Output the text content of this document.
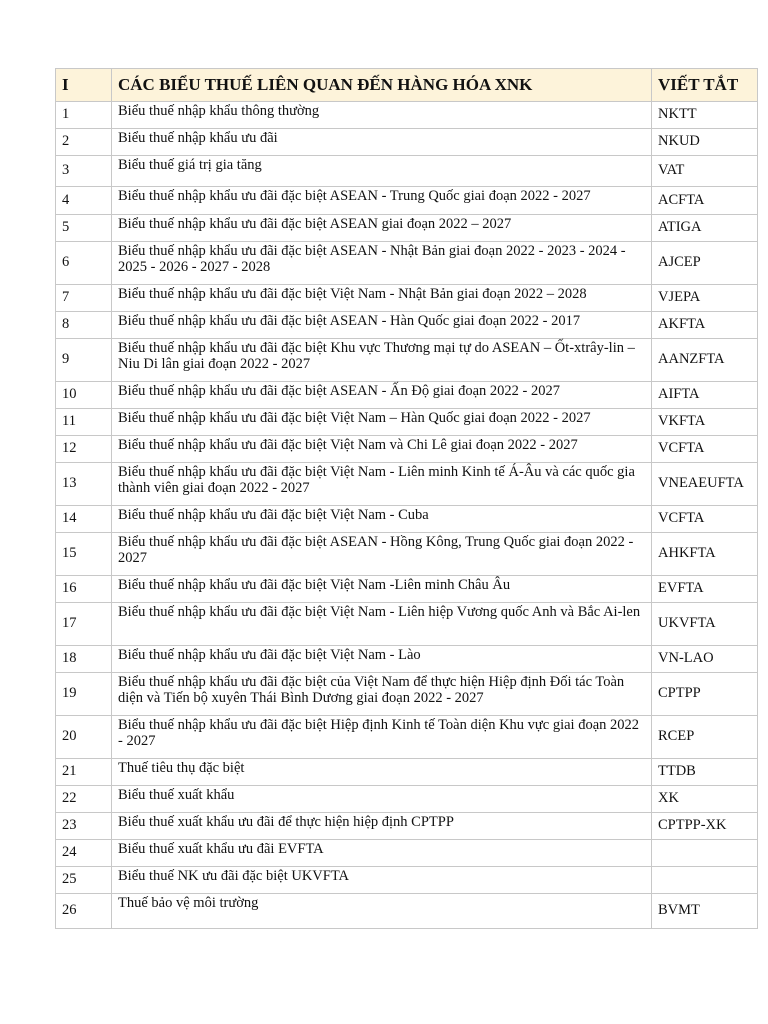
I	CÁC BIỂU THUẾ LIÊN QUAN ĐẾN HÀNG HÓA XNK	VIẾT TẮT
1	Biểu thuế nhập khẩu thông thường	NKTT
2	Biểu thuế nhập khẩu ưu đãi	NKUD
3	Biểu thuế giá trị gia tăng	VAT
4	Biểu thuế nhập khẩu ưu đãi đặc biệt ASEAN - Trung Quốc giai đoạn 2022 - 2027	ACFTA
5	Biểu thuế nhập khẩu ưu đãi đặc biệt ASEAN giai đoạn 2022 – 2027	ATIGA
6	Biểu thuế nhập khẩu ưu đãi đặc biệt ASEAN - Nhật Bản giai đoạn 2022 - 2023 - 2024 - 2025 - 2026 - 2027 - 2028	AJCEP
7	Biểu thuế nhập khẩu ưu đãi đặc biệt Việt Nam - Nhật Bản giai đoạn 2022 – 2028	VJEPA
8	Biểu thuế nhập khẩu ưu đãi đặc biệt ASEAN - Hàn Quốc giai đoạn 2022 - 2017	AKFTA
9	Biểu thuế nhập khẩu ưu đãi đặc biệt Khu vực Thương mại tự do ASEAN – Ốt-xtrây-lin – Niu Di lân giai đoạn 2022 - 2027	AANZFTA
10	Biểu thuế nhập khẩu ưu đãi đặc biệt ASEAN - Ấn Độ giai đoạn 2022 - 2027	AIFTA
11	Biểu thuế nhập khẩu ưu đãi đặc biệt Việt Nam – Hàn Quốc giai đoạn 2022 - 2027	VKFTA
12	Biểu thuế nhập khẩu ưu đãi đặc biệt Việt Nam và Chi Lê giai đoạn 2022 - 2027	VCFTA
13	Biểu thuế nhập khẩu ưu đãi đặc biệt Việt Nam - Liên minh Kinh tế Á-Âu và các quốc gia thành viên giai đoạn 2022 - 2027	VNEAEUFTA
14	Biểu thuế nhập khẩu ưu đãi đặc biệt Việt Nam - Cuba	VCFTA
15	Biểu thuế nhập khẩu ưu đãi đặc biệt ASEAN - Hồng Kông, Trung Quốc giai đoạn 2022 - 2027	AHKFTA
16	Biểu thuế nhập khẩu ưu đãi đặc biệt Việt Nam -Liên minh Châu Âu	EVFTA
17	Biểu thuế nhập khẩu ưu đãi đặc biệt Việt Nam - Liên hiệp Vương quốc Anh và Bắc Ai-len	UKVFTA
18	Biểu thuế nhập khẩu ưu đãi đặc biệt Việt Nam - Lào	VN-LAO
19	Biểu thuế nhập khẩu ưu đãi đặc biệt của Việt Nam để thực hiện Hiệp định Đối tác Toàn diện và Tiến bộ xuyên Thái Bình Dương giai đoạn 2022 - 2027	CPTPP
20	Biểu thuế nhập khẩu ưu đãi đặc biệt Hiệp định Kinh tế Toàn diện Khu vực giai đoạn 2022 - 2027	RCEP
21	Thuế tiêu thụ đặc biệt	TTDB
22	Biểu thuế xuất khẩu	XK
23	Biểu thuế xuất khẩu ưu đãi để thực hiện hiệp định CPTPP	CPTPP-XK
24	Biểu thuế xuất khẩu ưu đãi EVFTA	
25	Biểu thuế NK ưu đãi đặc biệt UKVFTA	
26	Thuế bảo vệ môi trường	BVMT
